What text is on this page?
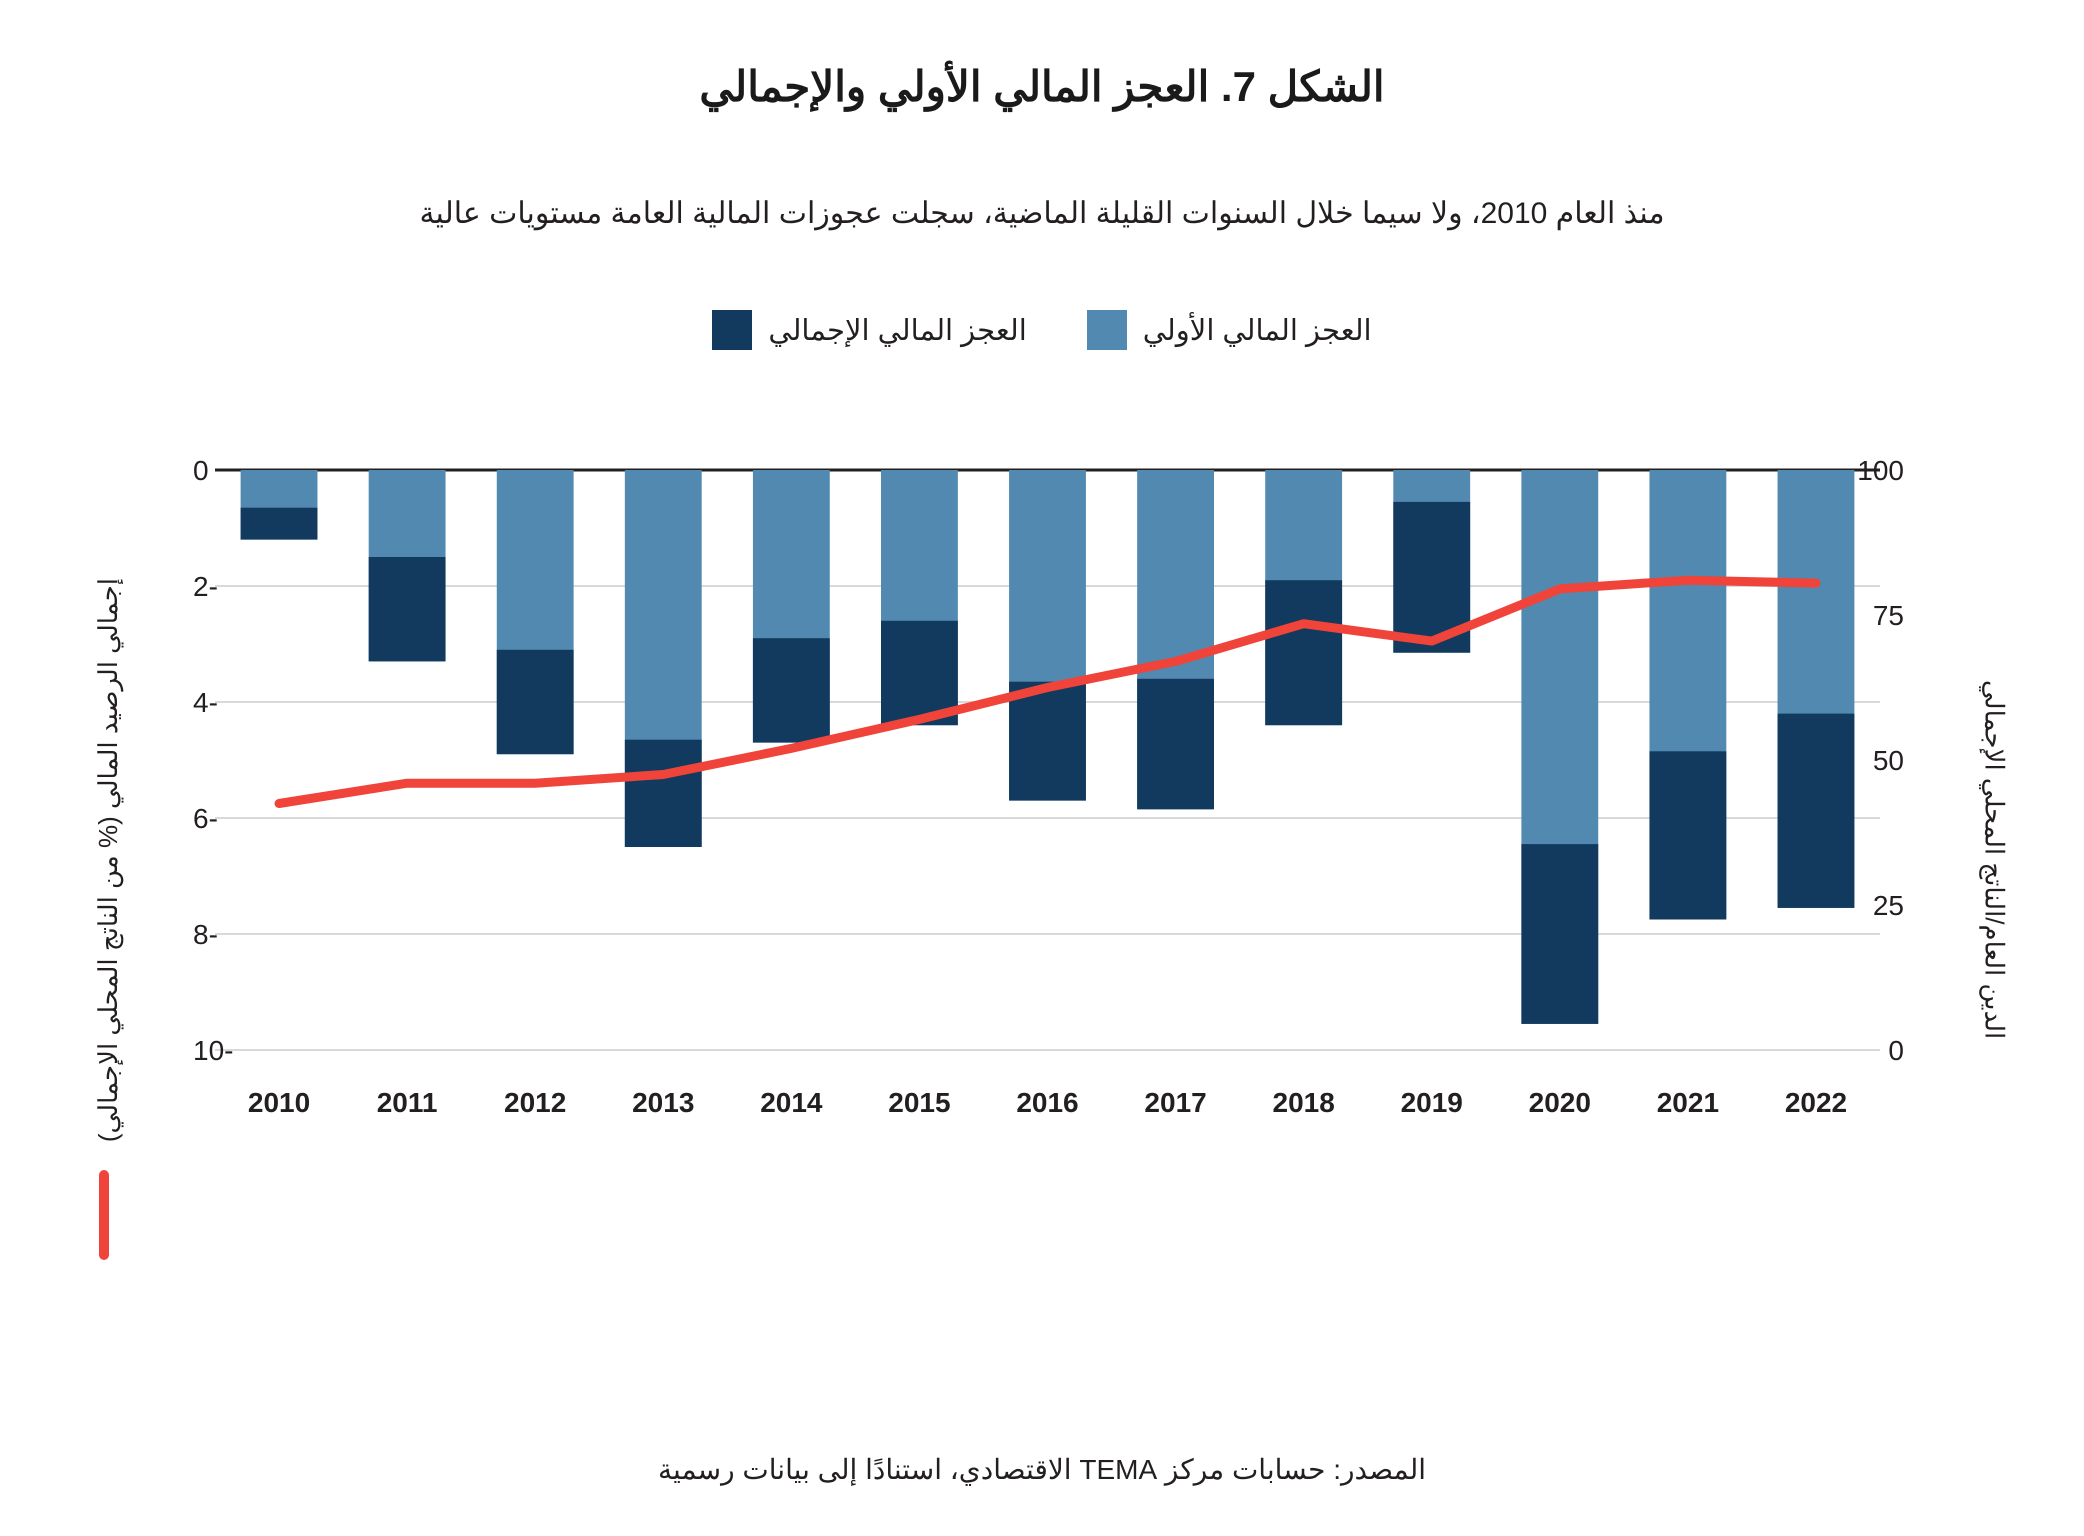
الشكل 7. العجز المالي الأولي والإجمالي
منذ العام 2010، ولا سيما خلال السنوات القليلة الماضية، سجلت عجوزات المالية العامة مستويات عالية
العجز المالي الأولي
العجز المالي الإجمالي
إجمالي الرصيد المالي (% من الناتج المحلي الإجمالي)	الدين العام/الناتج المحلي الإجمالي
0
-2
-4
-6
-8
-10	0
25
50
75
100
2010 2011 2012 2013 2014 2015 2016 2017 2018 2019 2020 2021 2022
المصدر: حسابات مركز TEMA الاقتصادي، استنادًا إلى بيانات رسمية
